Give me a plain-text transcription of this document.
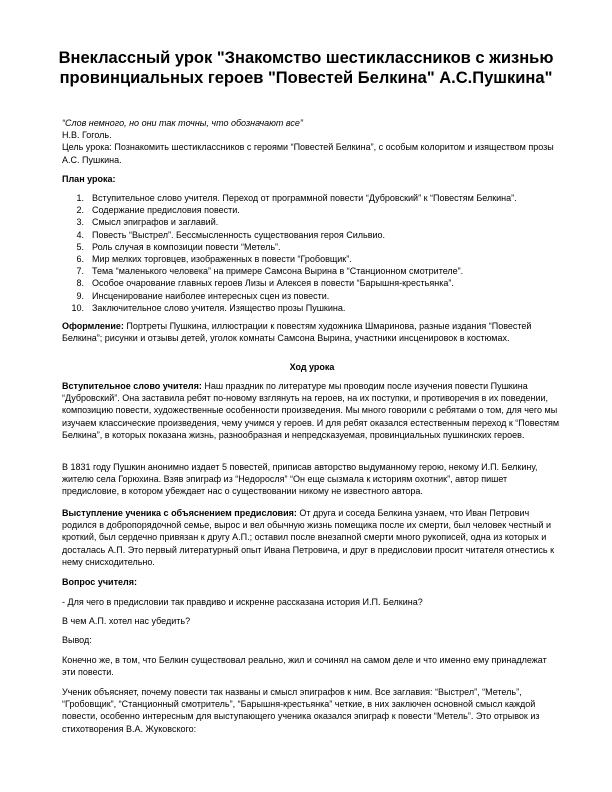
Внеклассный урок "Знакомство шестиклассников с жизнью провинциальных героев "Повестей Белкина" А.С.Пушкина"
“Слов немного, но они так точны, что обозначают все”
Н.В. Гоголь.
Цель урока: Познакомить шестиклассников с героями “Повестей Белкина”, с особым колоритом и изяществом прозы А.С. Пушкина.
План урока:
1. Вступительное слово учителя. Переход от программной повести “Дубровский” к “Повестям Белкина”.
2. Содержание предисловия повести.
3. Смысл эпиграфов и заглавий.
4. Повесть “Выстрел”. Бессмысленность существования героя Сильвио.
5. Роль случая в композиции повести “Метель”.
6. Мир мелких торговцев, изображенных в повести “Гробовщик”.
7. Тема “маленького человека” на примере Самсона Вырина в “Станционном смотрителе”.
8. Особое очарование главных героев Лизы и Алексея в повести “Барышня-крестьянка”.
9. Инсценирование наиболее интересных сцен из повести.
10. Заключительное слово учителя. Изящество прозы Пушкина.
Оформление: Портреты Пушкина, иллюстрации к повестям художника Шмаринова, разные издания “Повестей Белкина”; рисунки и отзывы детей, уголок комнаты Самсона Вырина, участники инсценировок в костюмах.
Ход урока
Вступительное слово учителя: Наш праздник по литературе мы проводим после изучения повести Пушкина “Дубровский”. Она заставила ребят по-новому взглянуть на героев, на их поступки, и противоречия в их поведении, композицию повести, художественные особенности произведения. Мы много говорили с ребятами о том, для чего мы изучаем классические произведения, чему учимся у героев. И для ребят оказался естественным переход к “Повестям Белкина”, в которых показана жизнь, разнообразная и непредсказуемая, провинциальных пушкинских героев.
В 1831 году Пушкин анонимно издает 5 повестей, приписав авторство выдуманному герою, некому И.П. Белкину, жителю села Горюхина. Взяв эпиграф из “Недоросля” “Он еще сызмала к историям охотник”, автор пишет предисловие, в котором убеждает нас о существовании никому не известного автора.
Выступление ученика с объяснением предисловия: От друга и соседа Белкина узнаем, что Иван Петрович родился в добропорядочной семье, вырос и вел обычную жизнь помещика после их смерти, был человек честный и кроткий, был сердечно привязан к другу А.П.; оставил после внезапной смерти много рукописей, одна из которых и досталась А.П. Это первый литературный опыт Ивана Петровича, и друг в предисловии просит читателя отнестись к нему снисходительно.
Вопрос учителя:
- Для чего в предисловии так правдиво и искренне рассказана история И.П. Белкина?
В чем А.П. хотел нас убедить?
Вывод:
Конечно же, в том, что Белкин существовал реально, жил и сочинял на самом деле и что именно ему принадлежат эти повести.
Ученик объясняет, почему повести так названы и смысл эпиграфов к ним. Все заглавия: “Выстрел”, “Метель”, “Гробовщик”, “Станционный смотритель”, “Барышня-крестьянка” четкие, в них заключен основной смысл каждой повести, особенно интересным для выступающего ученика оказался эпиграф к повести “Метель”. Это отрывок из стихотворения В.А. Жуковского:
